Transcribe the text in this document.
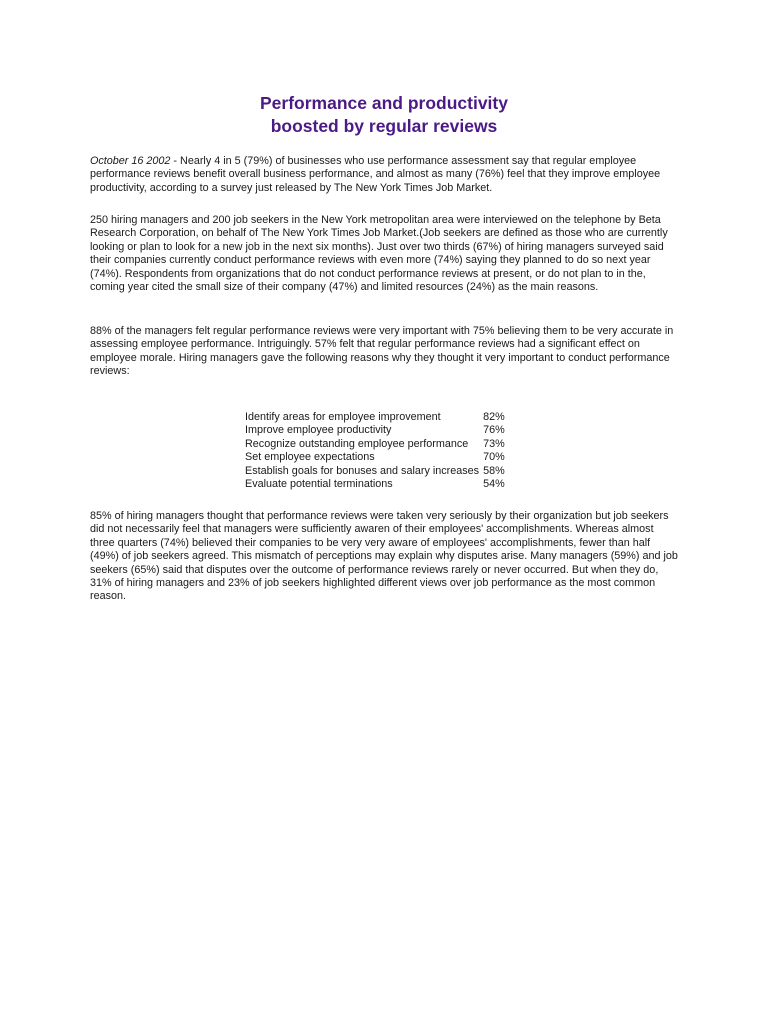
Performance and productivity
boosted by regular reviews

October 16 2002 - Nearly 4 in 5 (79%) of businesses who use performance assessment say that regular employee performance reviews benefit overall business performance, and almost as many (76%) feel that they improve employee productivity, according to a survey just released by The New York Times Job Market.

250 hiring managers and 200 job seekers in the New York metropolitan area were interviewed on the telephone by Beta Research Corporation, on behalf of The New York Times Job Market.(Job seekers are defined as those who are currently looking or plan to look for a new job in the next six months). Just over two thirds (67%) of hiring managers surveyed said their companies currently conduct performance reviews with even more (74%) saying they planned to do so next year (74%). Respondents from organizations that do not conduct performance reviews at present, or do not plan to in the, coming year cited the small size of their company (47%) and limited resources (24%) as the main reasons.

88% of the managers felt regular performance reviews were very important with 75% believing them to be very accurate in assessing employee performance. Intriguingly. 57% felt that regular performance reviews had a significant effect on employee morale. Hiring managers gave the following reasons why they thought it very important to conduct performance reviews:

Identify areas for employee improvement	82%
Improve employee productivity	76%
Recognize outstanding employee performance	73%
Set employee expectations	70%
Establish goals for bonuses and salary increases	58%
Evaluate potential terminations	54%

85% of hiring managers thought that performance reviews were taken very seriously by their organization but job seekers did not necessarily feel that managers were sufficiently awaren of their employees' accomplishments. Whereas almost three quarters (74%) believed their companies to be very very aware of employees' accomplishments, fewer than half (49%) of job seekers agreed. This mismatch of perceptions may explain why disputes arise. Many managers (59%) and job seekers (65%) said that disputes over the outcome of performance reviews rarely or never occurred. But when they do, 31% of hiring managers and 23% of job seekers highlighted different views over job performance as the most common reason.
